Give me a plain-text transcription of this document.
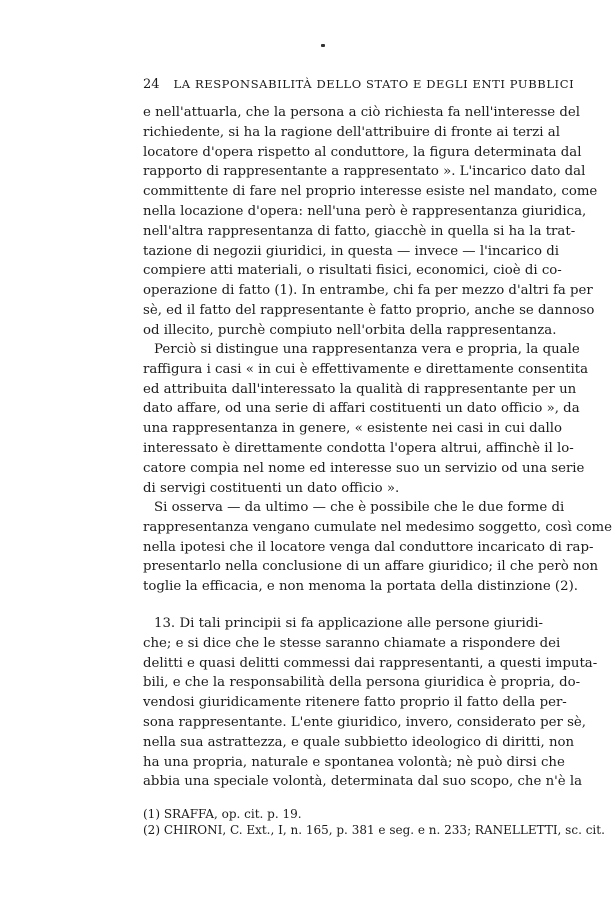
24 LA RESPONSABILITÀ DELLO STATO E DEGLI ENTI PUBBLICI
e nell'attuarla, che la persona a ciò richiesta fa nell'interesse del
richiedente, si ha la ragione dell'attribuire di fronte ai terzi al
locatore d'opera rispetto al conduttore, la figura determinata dal
rapporto di rappresentante a rappresentato ». L'incarico dato dal
committente di fare nel proprio interesse esiste nel mandato, come
nella locazione d'opera: nell'una però è rappresentanza giuridica,
nell'altra rappresentanza di fatto, giacchè in quella si ha la trat-
tazione di negozii giuridici, in questa — invece — l'incarico di
compiere atti materiali, o risultati fisici, economici, cioè di co-
operazione di fatto (1). In entrambe, chi fa per mezzo d'altri fa per
sè, ed il fatto del rappresentante è fatto proprio, anche se dannoso
od illecito, purchè compiuto nell'orbita della rappresentanza.
Perciò si distingue una rappresentanza vera e propria, la quale
raffigura i casi « in cui è effettivamente e direttamente consentita
ed attribuita dall'interessato la qualità di rappresentante per un
dato affare, od una serie di affari costituenti un dato officio », da
una rappresentanza in genere, « esistente nei casi in cui dallo
interessato è direttamente condotta l'opera altrui, affinchè il lo-
catore compia nel nome ed interesse suo un servizio od una serie
di servigi costituenti un dato officio ».
Si osserva — da ultimo — che è possibile che le due forme di
rappresentanza vengano cumulate nel medesimo soggetto, così come
nella ipotesi che il locatore venga dal conduttore incaricato di rap-
presentarlo nella conclusione di un affare giuridico; il che però non
toglie la efficacia, e non menoma la portata della distinzione (2).
13. Di tali principii si fa applicazione alle persone giuridi-
che; e si dice che le stesse saranno chiamate a rispondere dei
delitti e quasi delitti commessi dai rappresentanti, a questi imputa-
bili, e che la responsabilità della persona giuridica è propria, do-
vendosi giuridicamente ritenere fatto proprio il fatto della per-
sona rappresentante. L'ente giuridico, invero, considerato per sè,
nella sua astrattezza, e quale subbietto ideologico di diritti, non
ha una propria, naturale e spontanea volontà; nè può dirsi che
abbia una speciale volontà, determinata dal suo scopo, che n'è la
(1) SRAFFA, op. cit. p. 19.
(2) CHIRONI, C. Ext., I, n. 165, p. 381 e seg. e n. 233; RANELLETTI, sc. cit.
